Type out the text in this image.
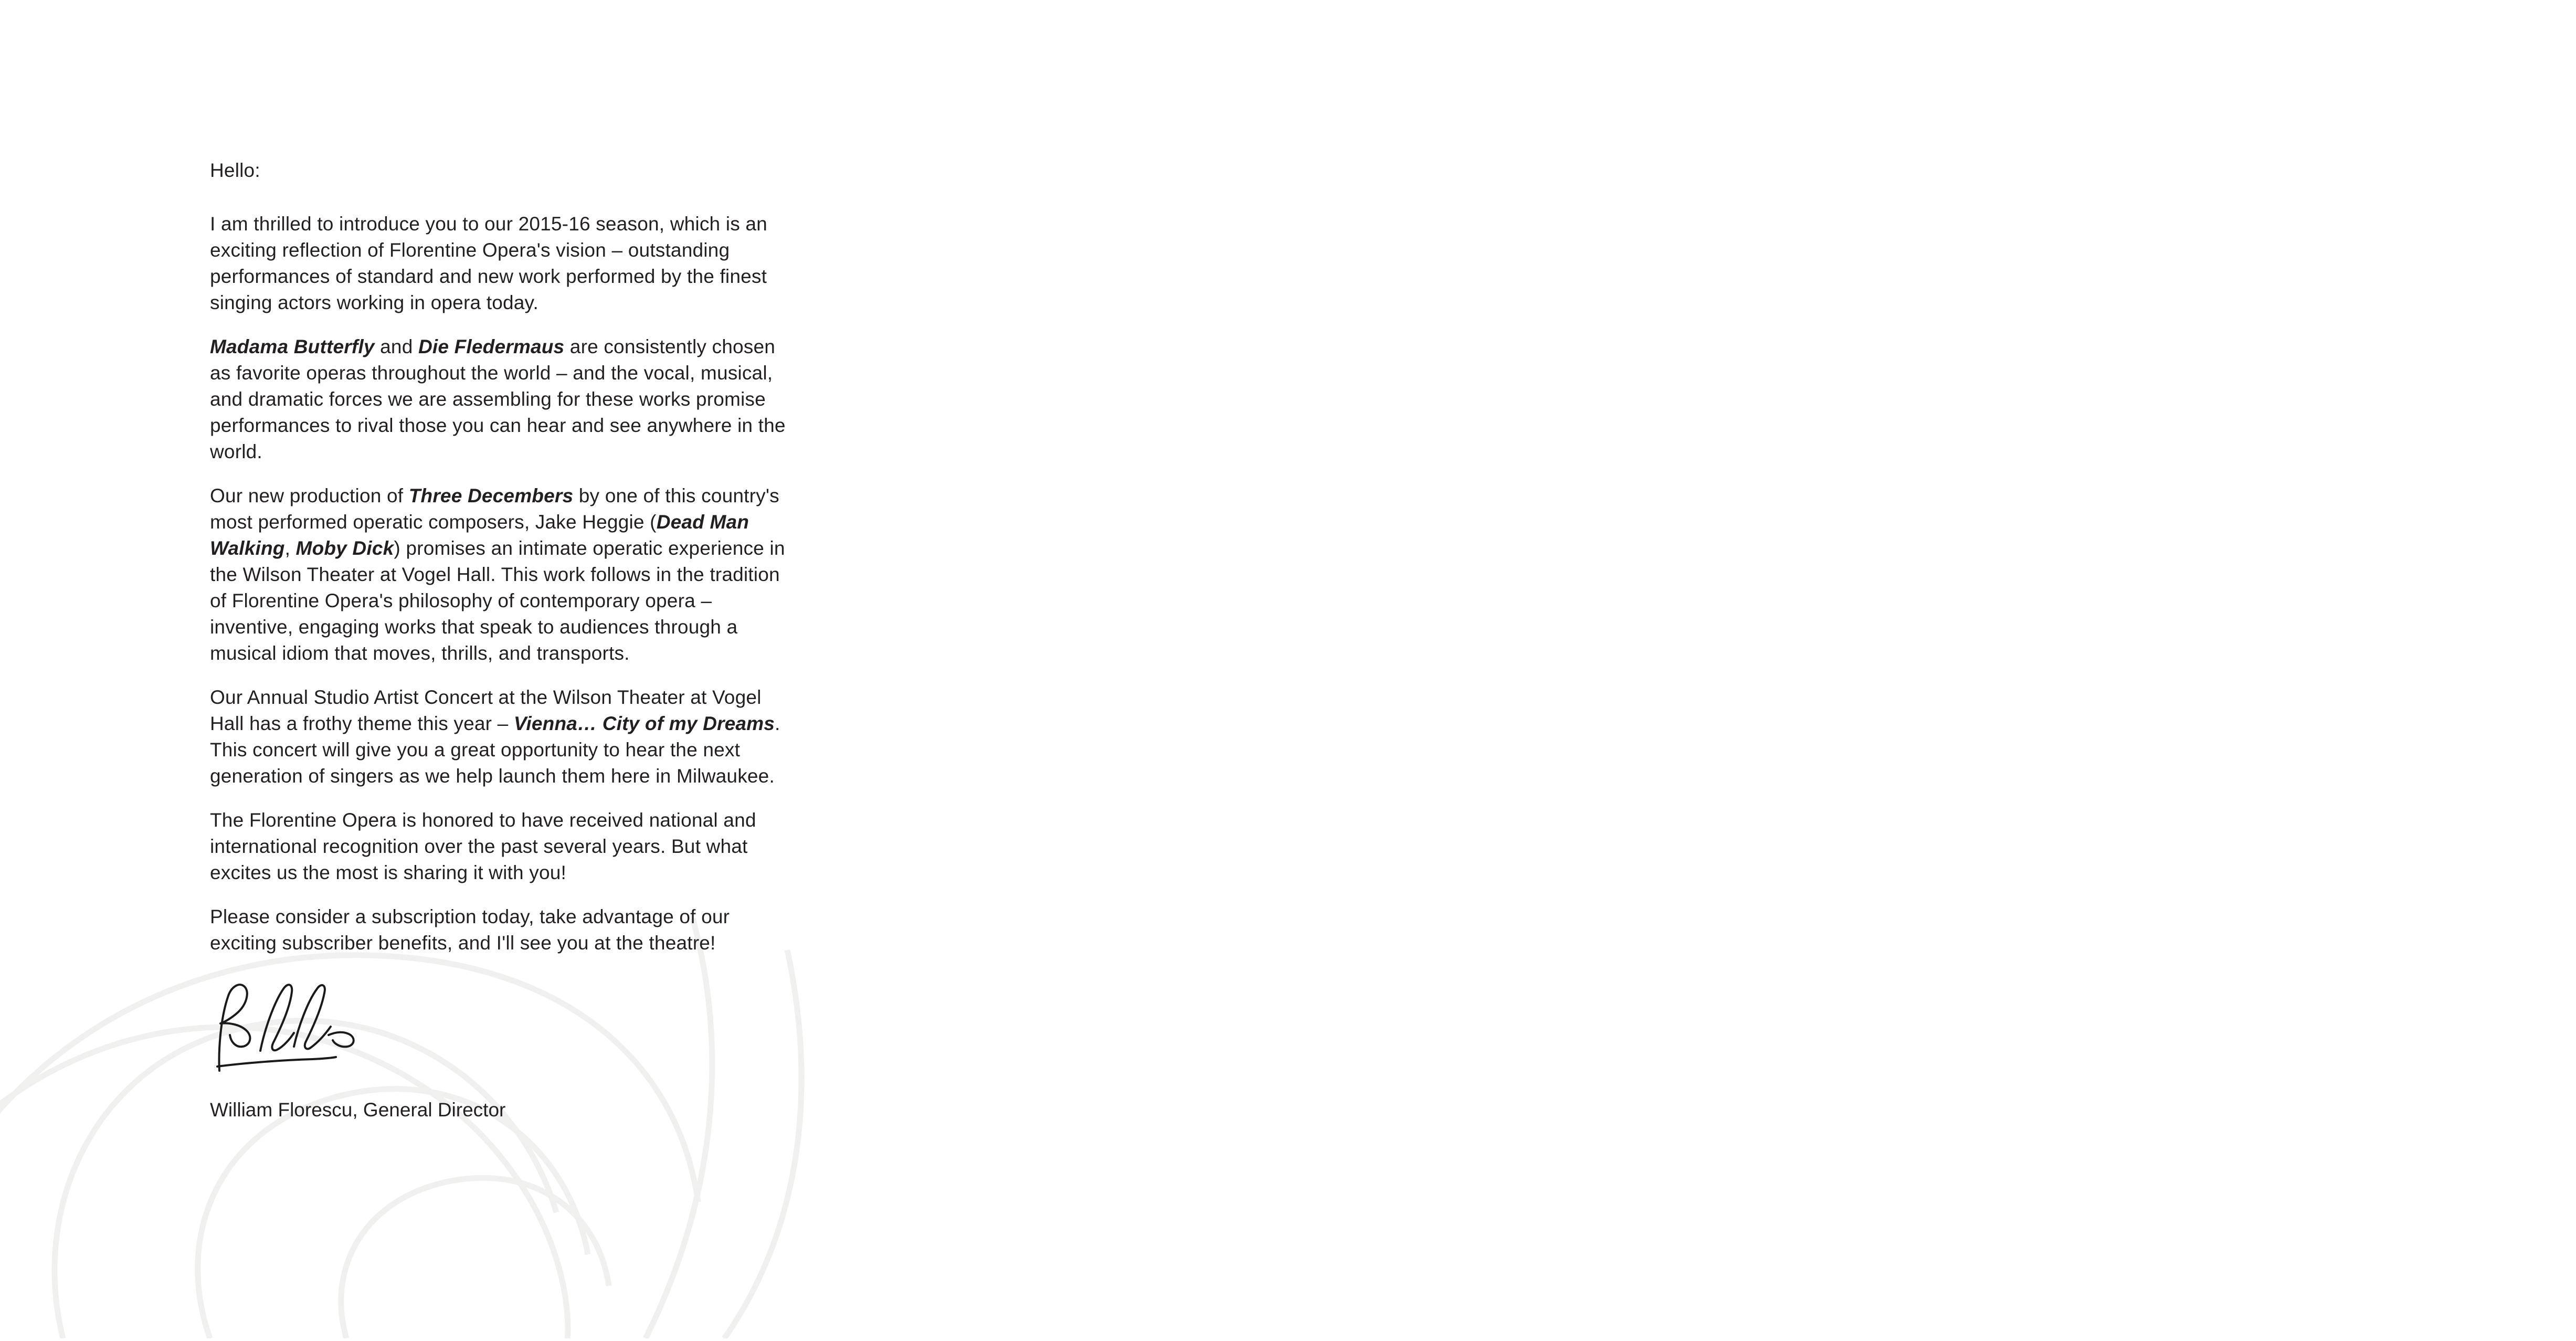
Hello:

I am thrilled to introduce you to our 2015-16 season, which is an exciting reflection of Florentine Opera's vision – outstanding performances of standard and new work performed by the finest singing actors working in opera today.

Madama Butterfly and Die Fledermaus are consistently chosen as favorite operas throughout the world – and the vocal, musical, and dramatic forces we are assembling for these works promise performances to rival those you can hear and see anywhere in the world.

Our new production of Three Decembers by one of this country's most performed operatic composers, Jake Heggie (Dead Man Walking, Moby Dick) promises an intimate operatic experience in the Wilson Theater at Vogel Hall. This work follows in the tradition of Florentine Opera's philosophy of contemporary opera – inventive, engaging works that speak to audiences through a musical idiom that moves, thrills, and transports.

Our Annual Studio Artist Concert at the Wilson Theater at Vogel Hall has a frothy theme this year – Vienna… City of my Dreams. This concert will give you a great opportunity to hear the next generation of singers as we help launch them here in Milwaukee.

The Florentine Opera is honored to have received national and international recognition over the past several years. But what excites us the most is sharing it with you!

Please consider a subscription today, take advantage of our exciting subscriber benefits, and I'll see you at the theatre!

William Florescu, General Director
